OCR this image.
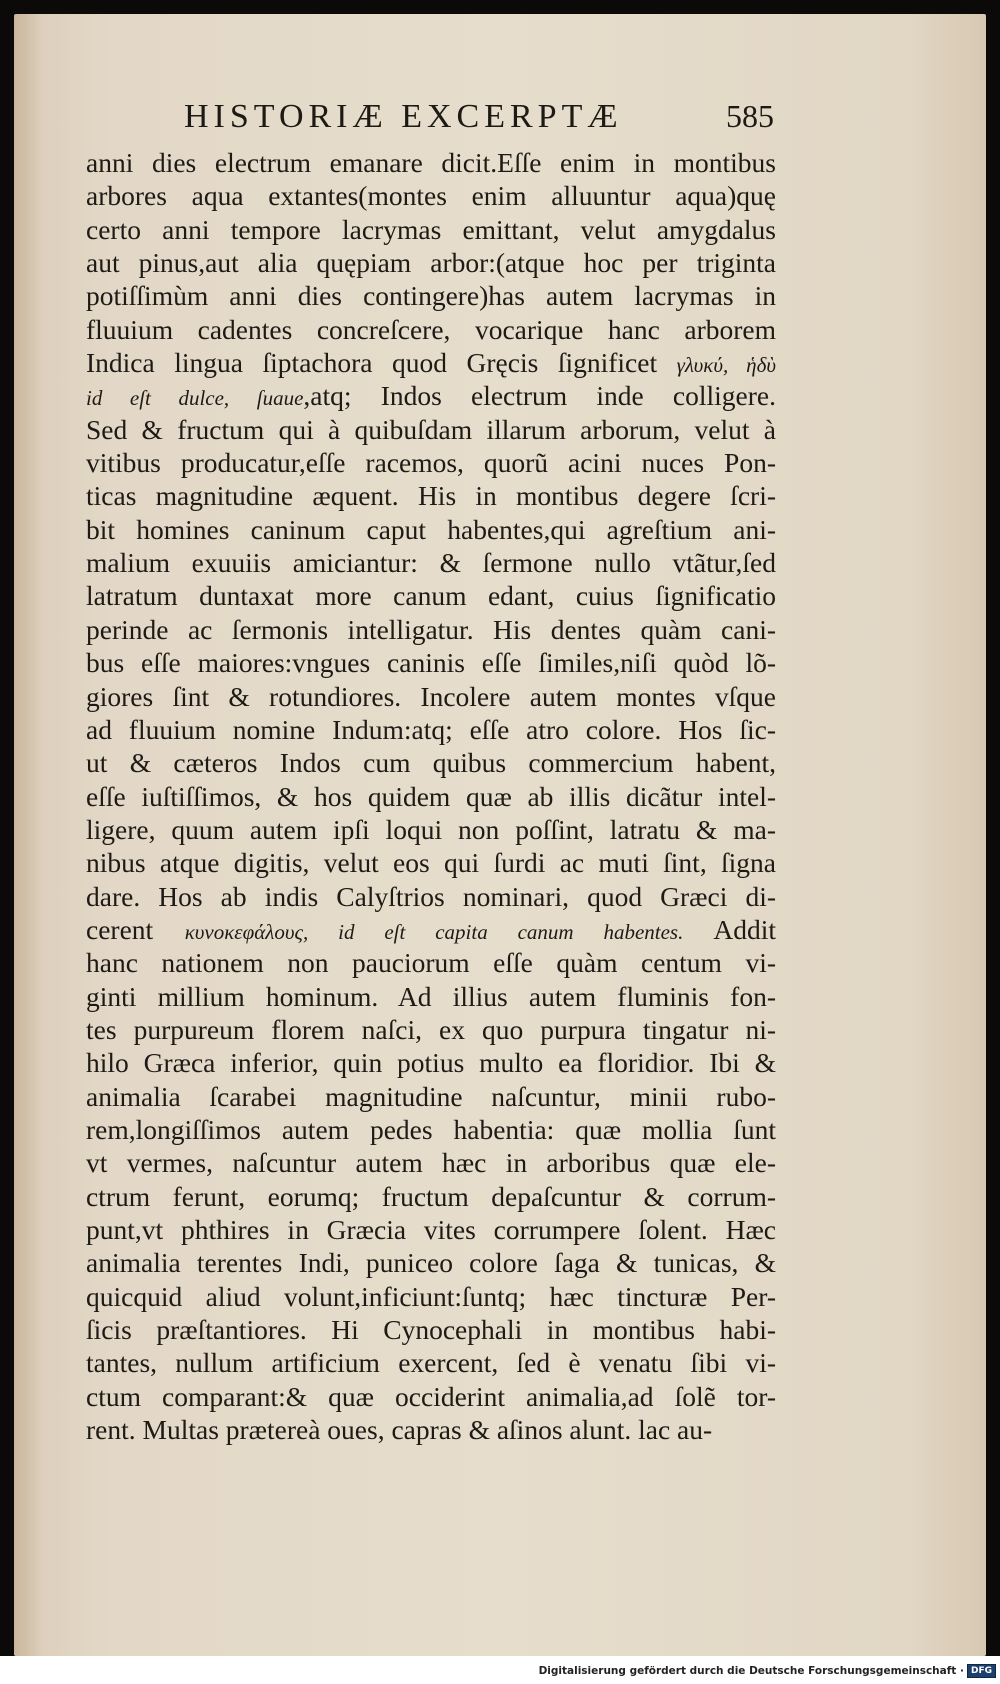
HISTORIÆ EXCERPTÆ	585
anni dies electrum emanare dicit.Eſſe enim in montibus
arbores aqua extantes(montes enim alluuntur aqua)quę
certo anni tempore lacrymas emittant, velut amygdalus
aut pinus,aut alia quępiam arbor:(atque hoc per triginta
potiſſimùm anni dies contingere)has autem lacrymas in
fluuium cadentes concreſcere, vocarique hanc arborem
Indica lingua ſiptachora quod Gręcis ſignificet γλυκύ, ἡδὺ
id eſt dulce, ſuaue,atq; Indos electrum inde colligere.
Sed & fructum qui à quibuſdam illarum arborum, velut à
vitibus producatur,eſſe racemos, quorũ acini nuces Pon-
ticas magnitudine æquent. His in montibus degere ſcri-
bit homines caninum caput habentes,qui agreſtium ani-
malium exuuiis amiciantur: & ſermone nullo vtãtur,ſed
latratum duntaxat more canum edant, cuius ſignificatio
perinde ac ſermonis intelligatur. His dentes quàm cani-
bus eſſe maiores:vngues caninis eſſe ſimiles,niſi quòd lõ-
giores ſint & rotundiores. Incolere autem montes vſque
ad fluuium nomine Indum:atq; eſſe atro colore. Hos ſic-
ut & cæteros Indos cum quibus commercium habent,
eſſe iuſtiſſimos, & hos quidem quæ ab illis dicãtur intel-
ligere, quum autem ipſi loqui non poſſint, latratu & ma-
nibus atque digitis, velut eos qui ſurdi ac muti ſint, ſigna
dare. Hos ab indis Calyſtrios nominari, quod Græci di-
cerent κυνοκεφάλους, id eſt capita canum habentes. Addit
hanc nationem non pauciorum eſſe quàm centum vi-
ginti millium hominum. Ad illius autem fluminis fon-
tes purpureum florem naſci, ex quo purpura tingatur ni-
hilo Græca inferior, quin potius multo ea floridior. Ibi &
animalia ſcarabei magnitudine naſcuntur, minii rubo-
rem,longiſſimos autem pedes habentia: quæ mollia ſunt
vt vermes, naſcuntur autem hæc in arboribus quæ ele-
ctrum ferunt, eorumq; fructum depaſcuntur & corrum-
punt,vt phthires in Græcia vites corrumpere ſolent. Hæc
animalia terentes Indi, puniceo colore ſaga & tunicas, &
quicquid aliud volunt,inficiunt:ſuntq; hæc tincturæ Per-
ſicis præſtantiores. Hi Cynocephali in montibus habi-
tantes, nullum artificium exercent, ſed è venatu ſibi vi-
ctum comparant:& quæ occiderint animalia,ad ſolẽ tor-
rent. Multas prætereà oues, capras & aſinos alunt. lac au-
Digitalisierung gefördert durch die Deutsche Forschungsgemeinschaft · DFG
